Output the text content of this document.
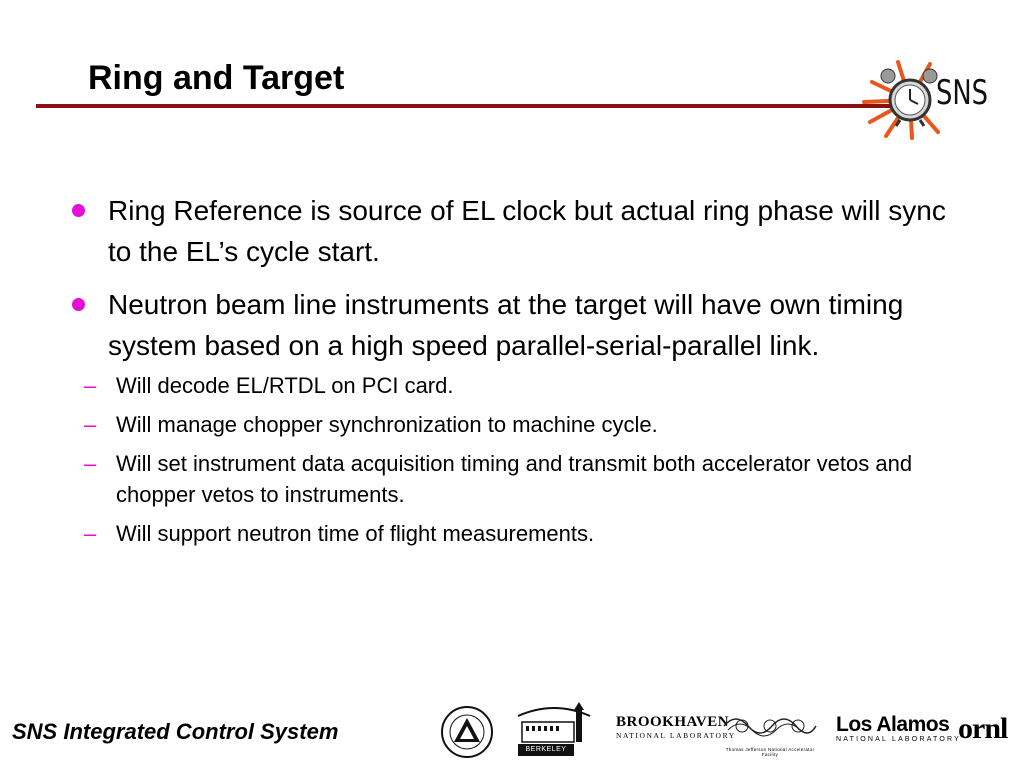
Ring and Target	SNS
Ring Reference is source of EL clock but actual ring phase will sync to the EL’s cycle start.
Neutron beam line instruments at the target will have own timing system based on a high speed parallel-serial-parallel link.
– Will decode EL/RTDL on PCI card.
– Will manage chopper synchronization to machine cycle.
– Will set instrument data acquisition timing and transmit both accelerator vetos and chopper vetos to instruments.
– Will support neutron time of flight measurements.
SNS Integrated Control System
BERKELEY LAB
BROOKHAVEN
NATIONAL LABORATORY
Thomas Jefferson National Accelerator Facility
Los Alamos
NATIONAL LABORATORY
ornl
